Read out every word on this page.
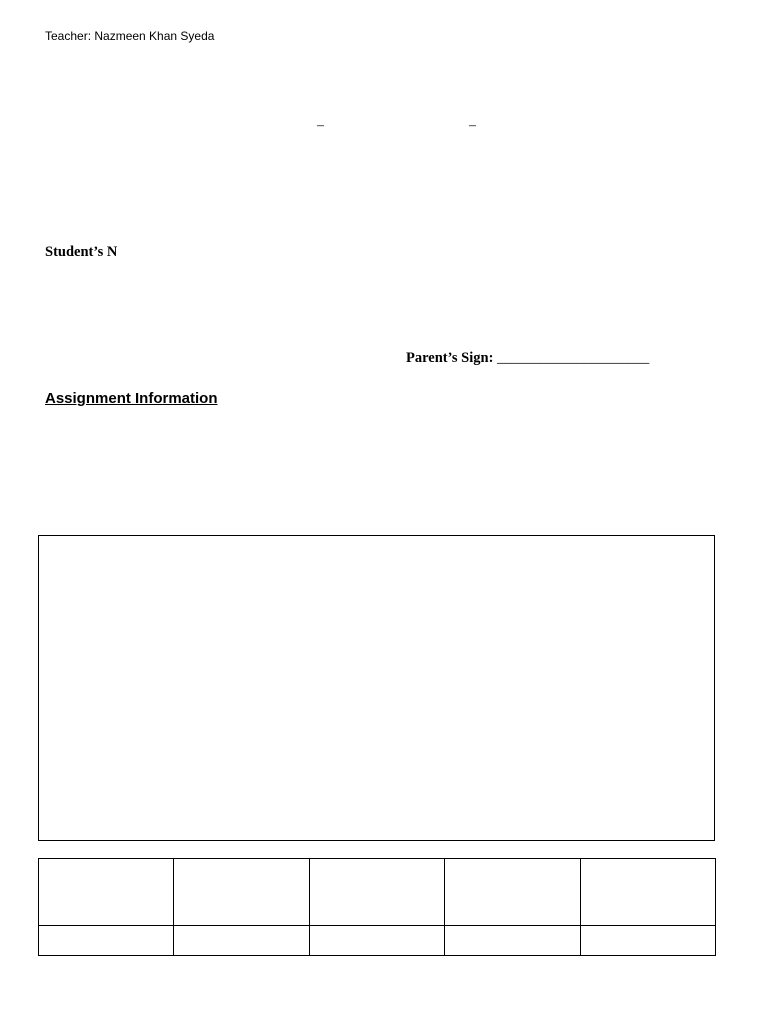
Teacher: Nazmeen Khan Syeda
–	–
Student’s N
Parent’s Sign: _____________________
Assignment Information
